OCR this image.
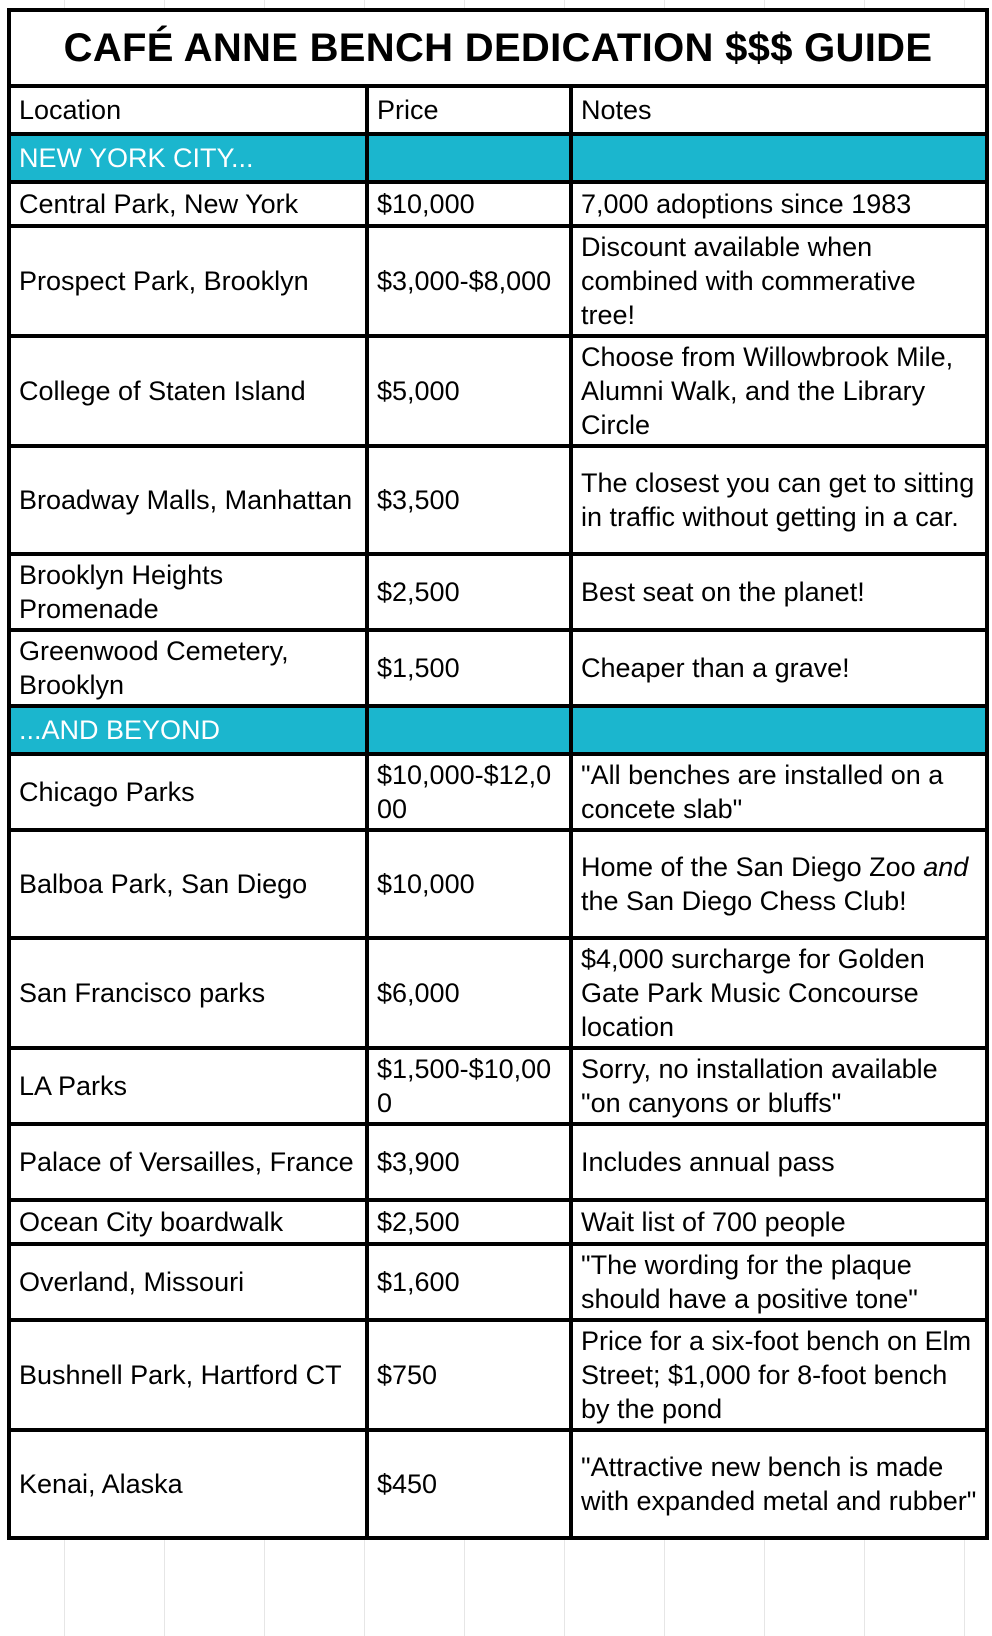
CAFÉ ANNE BENCH DEDICATION $$$ GUIDE		
Location	Price	Notes
NEW YORK CITY...		
Central Park, New York	$10,000	7,000 adoptions since 1983
Prospect Park, Brooklyn	$3,000-$8,000	Discount available when combined with commerative tree!
College of Staten Island	$5,000	Choose from Willowbrook Mile, Alumni Walk, and the Library Circle
Broadway Malls, Manhattan	$3,500	The closest you can get to sitting in traffic without getting in a car.
Brooklyn Heights Promenade	$2,500	Best seat on the planet!
Greenwood Cemetery, Brooklyn	$1,500	Cheaper than a grave!
...AND BEYOND		
Chicago Parks	$10,000-$12,000	"All benches are installed on a concete slab"
Balboa Park, San Diego	$10,000	Home of the San Diego Zoo and the San Diego Chess Club!
San Francisco parks	$6,000	$4,000 surcharge for Golden Gate Park Music Concourse location
LA Parks	$1,500-$10,000	Sorry, no installation available "on canyons or bluffs"
Palace of Versailles, France	$3,900	Includes annual pass
Ocean City boardwalk	$2,500	Wait list of 700 people
Overland, Missouri	$1,600	"The wording for the plaque should have a positive tone"
Bushnell Park, Hartford CT	$750	Price for a six-foot bench on Elm Street; $1,000 for 8-foot bench by the pond
Kenai, Alaska	$450	"Attractive new bench is made with expanded metal and rubber"
